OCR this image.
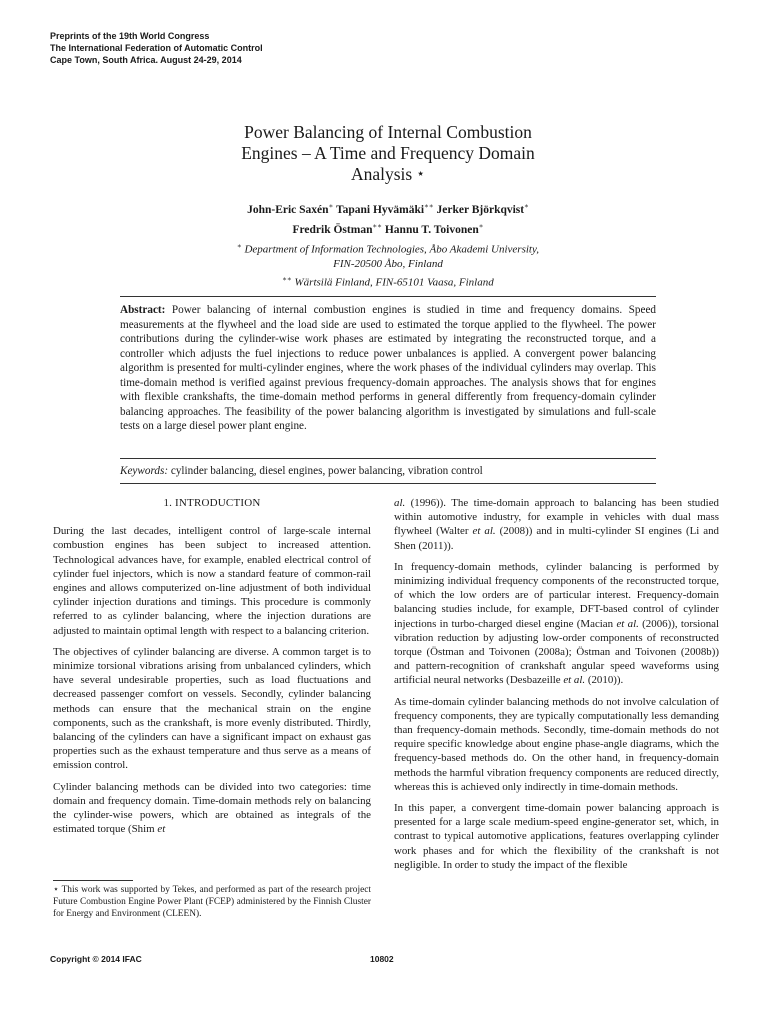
Preprints of the 19th World Congress
The International Federation of Automatic Control
Cape Town, South Africa. August 24-29, 2014
Power Balancing of Internal Combustion
Engines – A Time and Frequency Domain
Analysis ⋆
John-Eric Saxén∗ Tapani Hyvämäki∗∗ Jerker Björkqvist∗
Fredrik Östman∗∗ Hannu T. Toivonen∗
∗ Department of Information Technologies, Åbo Akademi University,
FIN-20500 Åbo, Finland
∗∗ Wärtsilä Finland, FIN-65101 Vaasa, Finland
Abstract: Power balancing of internal combustion engines is studied in time and frequency domains. Speed measurements at the flywheel and the load side are used to estimated the torque applied to the flywheel. The power contributions during the cylinder-wise work phases are estimated by integrating the reconstructed torque, and a controller which adjusts the fuel injections to reduce power unbalances is applied. A convergent power balancing algorithm is presented for multi-cylinder engines, where the work phases of the individual cylinders may overlap. This time-domain method is verified against previous frequency-domain approaches. The analysis shows that for engines with flexible crankshafts, the time-domain method performs in general differently from frequency-domain cylinder balancing approaches. The feasibility of the power balancing algorithm is investigated by simulations and full-scale tests on a large diesel power plant engine.
Keywords: cylinder balancing, diesel engines, power balancing, vibration control
1. INTRODUCTION

During the last decades, intelligent control of large-scale internal combustion engines has been subject to increased attention. Technological advances have, for example, enabled electrical control of cylinder fuel injectors, which is now a standard feature of common-rail engines and allows computerized on-line adjustment of both individual cylinder injection durations and timings. This procedure is commonly referred to as cylinder balancing, where the injection durations are adjusted to maintain optimal length with respect to a balancing criterion.

The objectives of cylinder balancing are diverse. A common target is to minimize torsional vibrations arising from unbalanced cylinders, which have several undesirable properties, such as load fluctuations and decreased passenger comfort on vessels. Secondly, cylinder balancing methods can ensure that the mechanical strain on the engine components, such as the crankshaft, is more evenly distributed. Thirdly, balancing of the cylinders can have a significant impact on exhaust gas properties such as the exhaust temperature and thus serve as a means of emission control.

Cylinder balancing methods can be divided into two categories: time domain and frequency domain. Time-domain methods rely on balancing the cylinder-wise powers, which are obtained as integrals of the estimated torque (Shim et

al. (1996)). The time-domain approach to balancing has been studied within automotive industry, for example in vehicles with dual mass flywheel (Walter et al. (2008)) and in multi-cylinder SI engines (Li and Shen (2011)).

In frequency-domain methods, cylinder balancing is performed by minimizing individual frequency components of the reconstructed torque, of which the low orders are of particular interest. Frequency-domain balancing studies include, for example, DFT-based control of cylinder injections in turbo-charged diesel engine (Macian et al. (2006)), torsional vibration reduction by adjusting low-order components of reconstructed torque (Östman and Toivonen (2008a); Östman and Toivonen (2008b)) and pattern-recognition of crankshaft angular speed waveforms using artificial neural networks (Desbazeille et al. (2010)).

As time-domain cylinder balancing methods do not involve calculation of frequency components, they are typically computationally less demanding than frequency-domain methods. Secondly, time-domain methods do not require specific knowledge about engine phase-angle diagrams, which the frequency-based methods do. On the other hand, in frequency-domain methods the harmful vibration frequency components are reduced directly, whereas this is achieved only indirectly in time-domain methods.

In this paper, a convergent time-domain power balancing approach is presented for a large scale medium-speed engine-generator set, which, in contrast to typical automotive applications, features overlapping cylinder work phases and for which the flexibility of the crankshaft is not negligible. In order to study the impact of the flexible

⋆ This work was supported by Tekes, and performed as part of the research project Future Combustion Engine Power Plant (FCEP) administered by the Finnish Cluster for Energy and Environment (CLEEN).
Copyright © 2014 IFAC	10802
